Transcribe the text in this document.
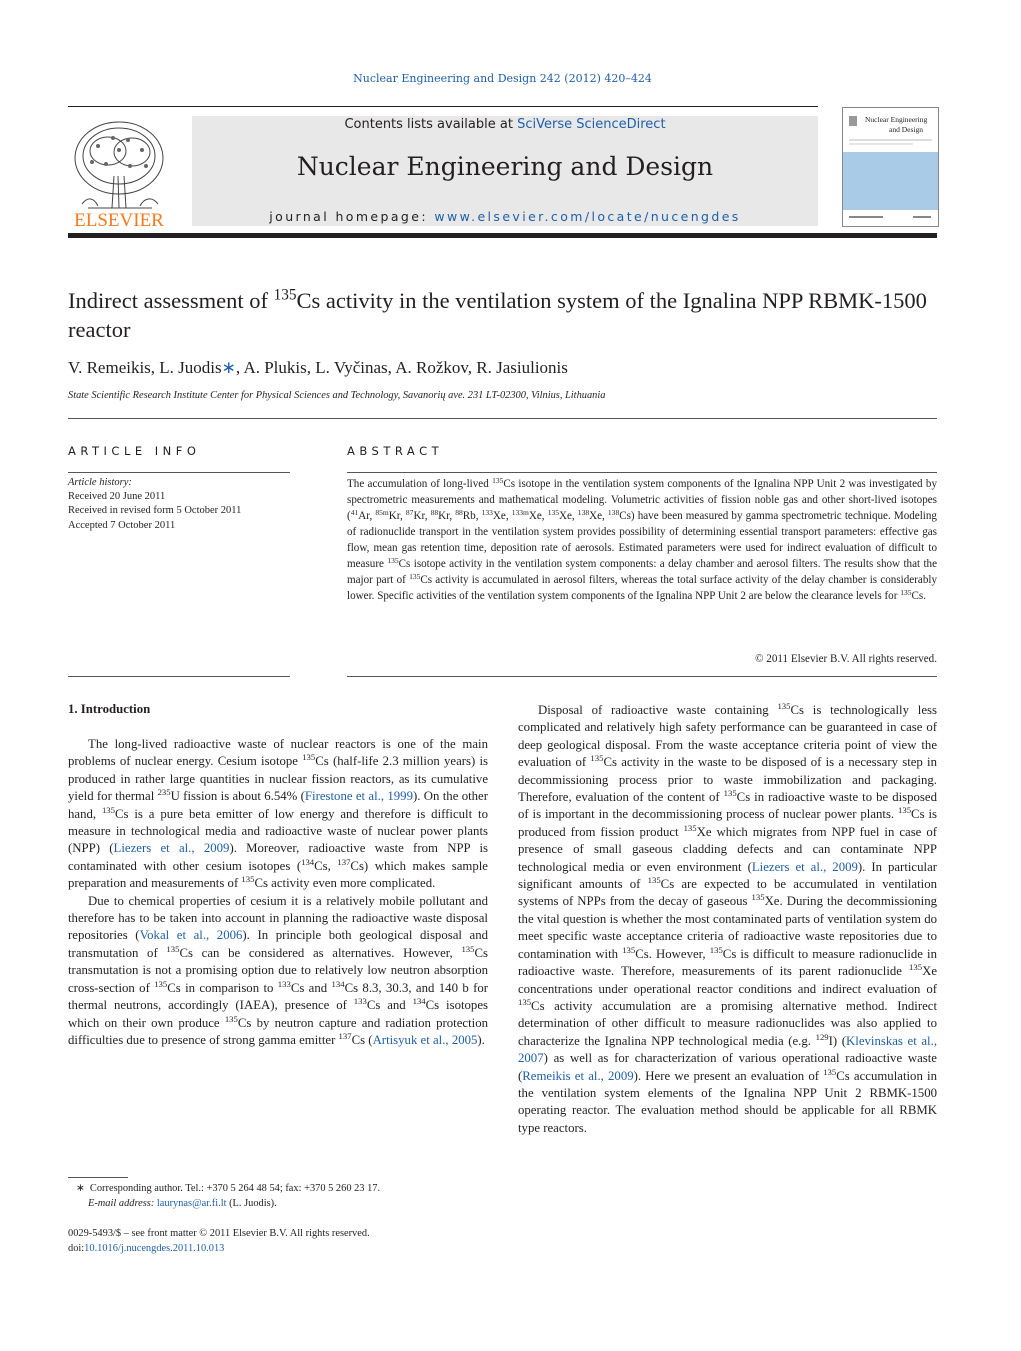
Nuclear Engineering and Design 242 (2012) 420–424
ELSEVIER
Contents lists available at SciVerse ScienceDirect
Nuclear Engineering and Design
journal homepage: www.elsevier.com/locate/nucengdes
Nuclear Engineering
and Design
Indirect assessment of $^{135}$Cs activity in the ventilation system of the Ignalina NPP RBMK-1500 reactor
V. Remeikis, L. Juodis∗, A. Plukis, L. Vyčinas, A. Rožkov, R. Jasiulionis
State Scientific Research Institute Center for Physical Sciences and Technology, Savanorių ave. 231 LT-02300, Vilnius, Lithuania
ARTICLE INFO
Article history:
Received 20 June 2011
Received in revised form 5 October 2011
Accepted 7 October 2011
ABSTRACT
The accumulation of long-lived $^{135}$Cs isotope in the ventilation system components of the Ignalina NPP Unit 2 was investigated by spectrometric measurements and mathematical modeling. Volumetric activities of fission noble gas and other short-lived isotopes ($^{41}$Ar, $^{85m}$Kr, $^{87}$Kr, $^{88}$Kr, $^{88}$Rb, $^{133}$Xe, $^{133m}$Xe, $^{135}$Xe, $^{138}$Xe, $^{138}$Cs) have been measured by gamma spectrometric technique. Modeling of radionuclide transport in the ventilation system provides possibility of determining essential transport parameters: effective gas flow, mean gas retention time, deposition rate of aerosols. Estimated parameters were used for indirect evaluation of difficult to measure $^{135}$Cs isotope activity in the ventilation system components: a delay chamber and aerosol filters. The results show that the major part of $^{135}$Cs activity is accumulated in aerosol filters, whereas the total surface activity of the delay chamber is considerably lower. Specific activities of the ventilation system components of the Ignalina NPP Unit 2 are below the clearance levels for $^{135}$Cs.
© 2011 Elsevier B.V. All rights reserved.
1. Introduction

The long-lived radioactive waste of nuclear reactors is one of the main problems of nuclear energy. Cesium isotope $^{135}$Cs (half-life 2.3 million years) is produced in rather large quantities in nuclear fission reactors, as its cumulative yield for thermal $^{235}$U fission is about 6.54% (Firestone et al., 1999). On the other hand, $^{135}$Cs is a pure beta emitter of low energy and therefore is difficult to measure in technological media and radioactive waste of nuclear power plants (NPP) (Liezers et al., 2009). Moreover, radioactive waste from NPP is contaminated with other cesium isotopes ($^{134}$Cs, $^{137}$Cs) which makes sample preparation and measurements of $^{135}$Cs activity even more complicated.

Due to chemical properties of cesium it is a relatively mobile pollutant and therefore has to be taken into account in planning the radioactive waste disposal repositories (Vokal et al., 2006). In principle both geological disposal and transmutation of $^{135}$Cs can be considered as alternatives. However, $^{135}$Cs transmutation is not a promising option due to relatively low neutron absorption cross-section of $^{135}$Cs in comparison to $^{133}$Cs and $^{134}$Cs 8.3, 30.3, and 140 b for thermal neutrons, accordingly (IAEA), presence of $^{133}$Cs and $^{134}$Cs isotopes which on their own produce $^{135}$Cs by neutron capture and radiation protection difficulties due to presence of strong gamma emitter $^{137}$Cs (Artisyuk et al., 2005).

Disposal of radioactive waste containing $^{135}$Cs is technologically less complicated and relatively high safety performance can be guaranteed in case of deep geological disposal. From the waste acceptance criteria point of view the evaluation of $^{135}$Cs activity in the waste to be disposed of is a necessary step in decommissioning process prior to waste immobilization and packaging. Therefore, evaluation of the content of $^{135}$Cs in radioactive waste to be disposed of is important in the decommissioning process of nuclear power plants. $^{135}$Cs is produced from fission product $^{135}$Xe which migrates from NPP fuel in case of presence of small gaseous cladding defects and can contaminate NPP technological media or even environment (Liezers et al., 2009). In particular significant amounts of $^{135}$Cs are expected to be accumulated in ventilation systems of NPPs from the decay of gaseous $^{135}$Xe. During the decommissioning the vital question is whether the most contaminated parts of ventilation system do meet specific waste acceptance criteria of radioactive waste repositories due to contamination with $^{135}$Cs. However, $^{135}$Cs is difficult to measure radionuclide in radioactive waste. Therefore, measurements of its parent radionuclide $^{135}$Xe concentrations under operational reactor conditions and indirect evaluation of $^{135}$Cs activity accumulation are a promising alternative method. Indirect determination of other difficult to measure radionuclides was also applied to characterize the Ignalina NPP technological media (e.g. $^{129}$I) (Klevinskas et al., 2007) as well as for characterization of various operational radioactive waste (Remeikis et al., 2009). Here we present an evaluation of $^{135}$Cs accumulation in the ventilation system elements of the Ignalina NPP Unit 2 RBMK-1500 operating reactor. The evaluation method should be applicable for all RBMK type reactors.

∗ Corresponding author. Tel.: +370 5 264 48 54; fax: +370 5 260 23 17.
E-mail address: laurynas@ar.fi.lt (L. Juodis).
0029-5493/$ – see front matter © 2011 Elsevier B.V. All rights reserved.
doi:10.1016/j.nucengdes.2011.10.013
